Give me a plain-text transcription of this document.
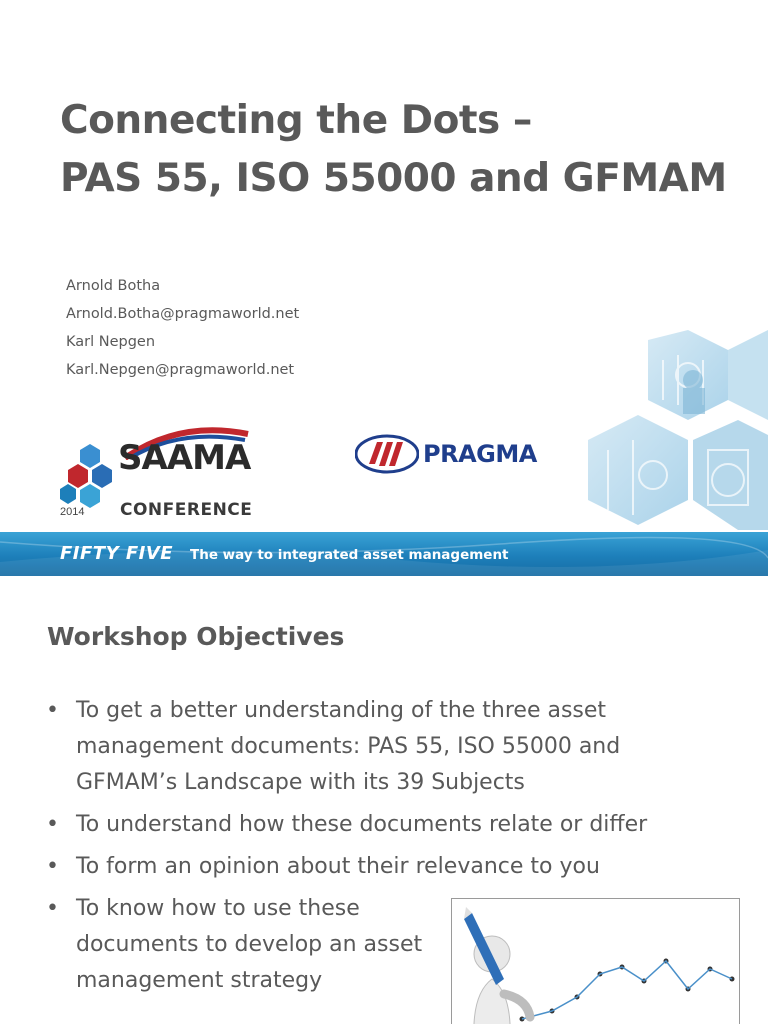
Connecting the Dots –
PAS 55, ISO 55000 and GFMAM
Arnold Botha
Arnold.Botha@pragmaworld.net
Karl Nepgen
Karl.Nepgen@pragmaworld.net
SAAMA
2014 CONFERENCE
PRAGMA
FIFTY FIVE The way to integrated asset management
Workshop Objectives
• To get a better understanding of the three asset management documents: PAS 55, ISO 55000 and GFMAM’s Landscape with its 39 Subjects
• To understand how these documents relate or differ
• To form an opinion about their relevance to you
• To know how to use these documents to develop an asset management strategy
